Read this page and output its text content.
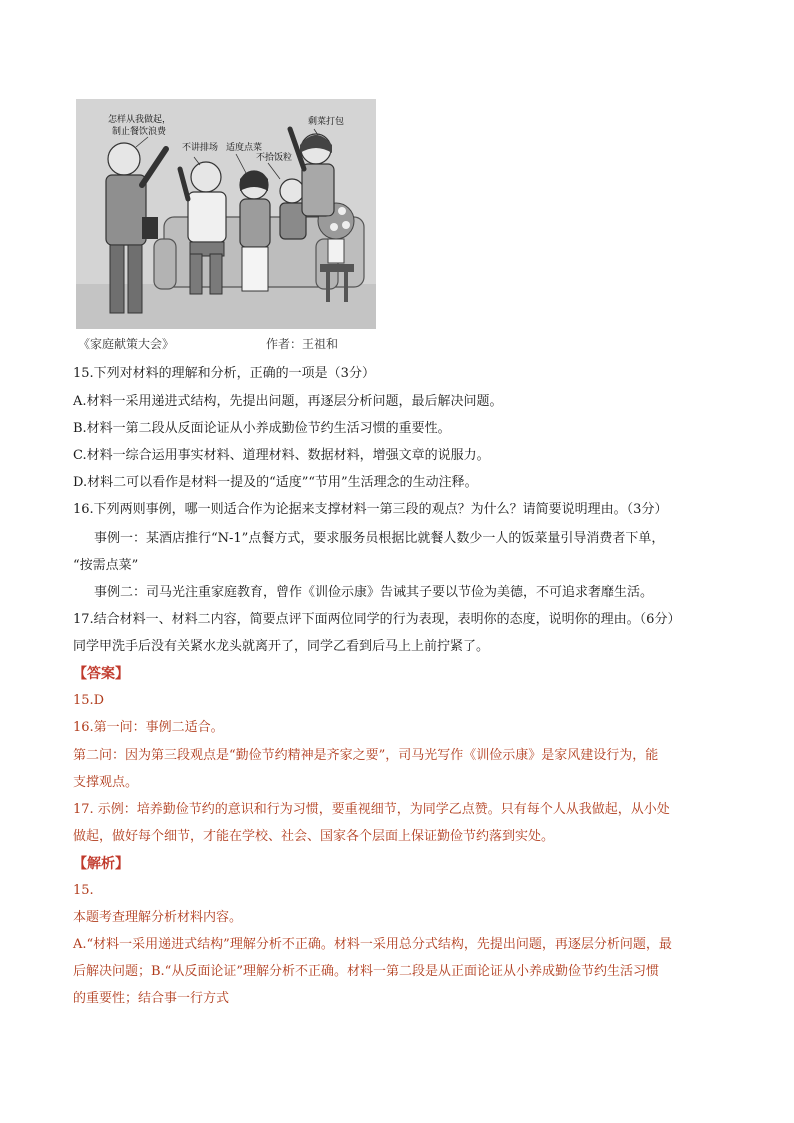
怎样从我做起，
制止餐饮浪费
不讲排场 适度点菜
不拾饭粒
剩菜打包
《家庭献策大会》	作者：王祖和
15.下列对材料的理解和分析，正确的一项是（3分）
A.材料一采用递进式结构，先提出问题，再逐层分析问题，最后解决问题。
B.材料一第二段从反面论证从小养成勤俭节约生活习惯的重要性。
C.材料一综合运用事实材料、道理材料、数据材料，增强文章的说服力。
D.材料二可以看作是材料一提及的“适度”“节用”生活理念的生动注释。
16.下列两则事例，哪一则适合作为论据来支撑材料一第三段的观点？为什么？请简要说明理由。（3分）
事例一：某酒店推行“N-1”点餐方式，要求服务员根据比就餐人数少一人的饭菜量引导消费者下单，
“按需点菜”
事例二：司马光注重家庭教育，曾作《训俭示康》告诫其子要以节俭为美德，不可追求奢靡生活。
17.结合材料一、材料二内容，简要点评下面两位同学的行为表现，表明你的态度，说明你的理由。（6分）
同学甲洗手后没有关紧水龙头就离开了，同学乙看到后马上上前拧紧了。
【答案】
15.D
16.第一问：事例二适合。
第二问：因为第三段观点是“勤俭节约精神是齐家之要”，司马光写作《训俭示康》是家风建设行为，能
支撑观点。
17. 示例：培养勤俭节约的意识和行为习惯，要重视细节，为同学乙点赞。只有每个人从我做起，从小处
做起，做好每个细节，才能在学校、社会、国家各个层面上保证勤俭节约落到实处。
【解析】
15.
本题考查理解分析材料内容。
A.“材料一采用递进式结构”理解分析不正确。材料一采用总分式结构，先提出问题，再逐层分析问题，最
后解决问题；B.“从反面论证”理解分析不正确。材料一第二段是从正面论证从小养成勤俭节约生活习惯
的重要性；结合事一行方式
